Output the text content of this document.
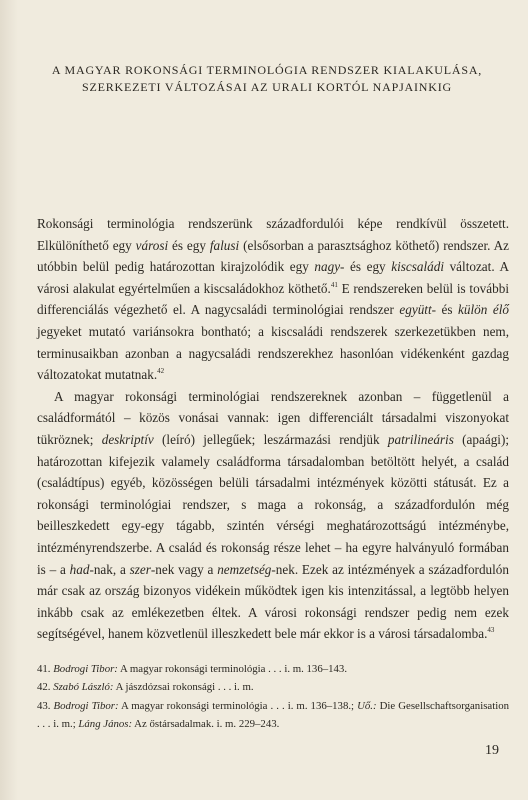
A MAGYAR ROKONSÁGI TERMINOLÓGIA RENDSZER KIALAKULÁSA,
SZERKEZETI VÁLTOZÁSAI AZ URALI KORTÓL NAPJAINKIG

Rokonsági terminológia rendszerünk századfordulói képe rendkívül összetett. Elkülöníthető egy városi és egy falusi (elsősorban a parasztsághoz köthető) rendszer. Az utóbbin belül pedig határozottan kirajzolódik egy nagy- és egy kiscsaládi változat. A városi alakulat egyértelműen a kiscsaládokhoz köthető.$^{41}$ E rendszereken belül is további differenciálás végezhető el. A nagycsaládi terminológiai rendszer együtt- és külön élő jegyeket mutató variánsokra bontható; a kiscsaládi rendszerek szerkezetükben nem, terminusaikban azonban a nagycsaládi rendszerekhez hasonlóan vidékenként gazdag változatokat mutatnak.$^{42}$

A magyar rokonsági terminológiai rendszereknek azonban – függetlenül a családformától – közös vonásai vannak: igen differenciált társadalmi viszonyokat tükröznek; deskriptív (leíró) jellegűek; leszármazási rendjük patrilineáris (apaági); határozottan kifejezik valamely családforma társadalomban betöltött helyét, a család (családtípus) egyéb, közösségen belüli társadalmi intézmények közötti státusát. Ez a rokonsági terminológiai rendszer, s maga a rokonság, a századfordulón még beilleszkedett egy-egy tágabb, szintén vérségi meghatározottságú intézménybe, intézményrendszerbe. A család és rokonság része lehet – ha egyre halványuló formában is – a had-nak, a szer-nek vagy a nemzetség-nek. Ezek az intézmények a századfordulón már csak az ország bizonyos vidékein működtek igen kis intenzitással, a legtöbb helyen inkább csak az emlékezetben éltek. A városi rokonsági rendszer pedig nem ezek segítségével, hanem közvetlenül illeszkedett bele már ekkor is a városi társadalomba.$^{43}$

41. Bodrogi Tibor: A magyar rokonsági terminológia . . . i. m. 136–143.

42. Szabó László: A jászdózsai rokonsági . . . i. m.

43. Bodrogi Tibor: A magyar rokonsági terminológia . . . i. m. 136–138.; Uő.: Die Gesellschaftsorganisation . . . i. m.; Láng János: Az őstársadalmak. i. m. 229–243.

19
